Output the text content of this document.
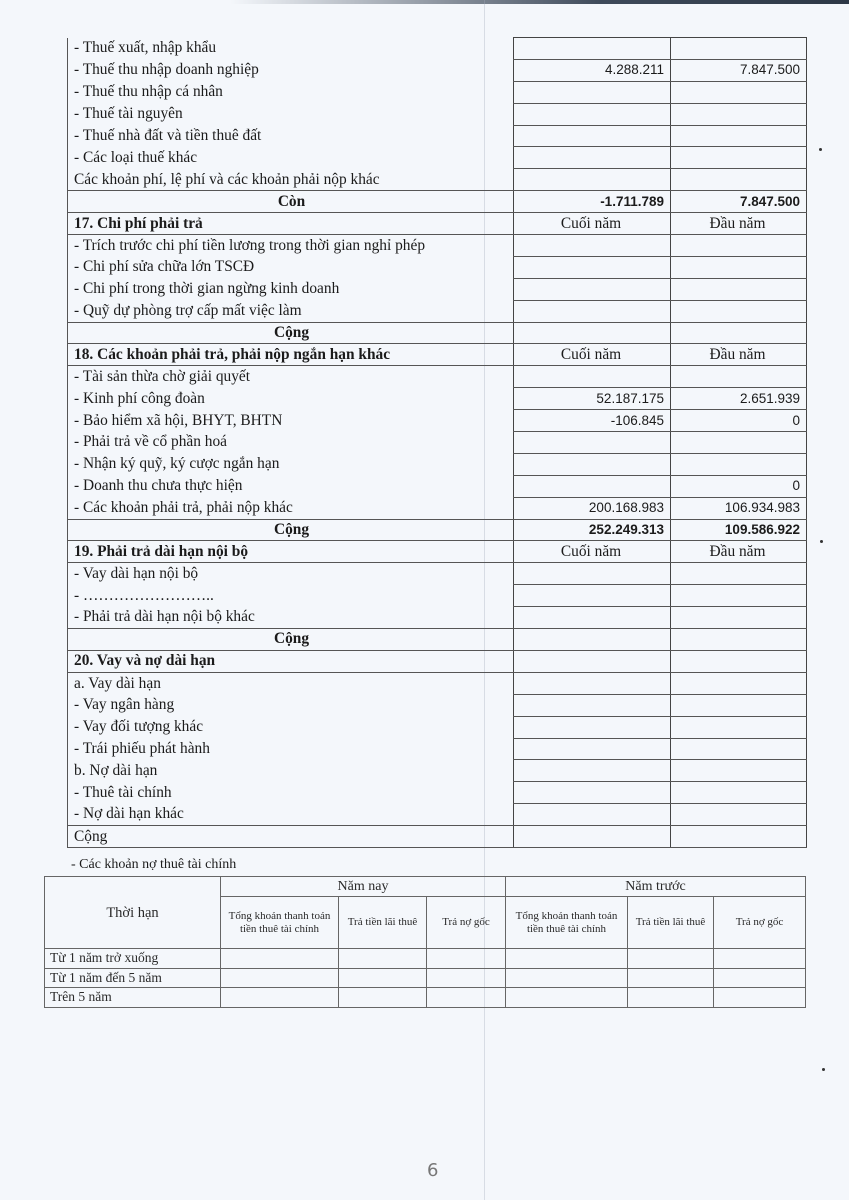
- Thuế xuất, nhập khẩu		
- Thuế thu nhập doanh nghiệp	4.288.211	7.847.500
- Thuế thu nhập cá nhân		
- Thuế tài nguyên		
- Thuế nhà đất và tiền thuê đất		
- Các loại thuế khác		
Các khoản phí, lệ phí và các khoản phải nộp khác		
Còn	-1.711.789	7.847.500
17. Chi phí phải trả	Cuối năm	Đầu năm
- Trích trước chi phí tiền lương trong thời gian nghỉ phép		
- Chi phí sửa chữa lớn TSCĐ		
- Chi phí trong thời gian ngừng kinh doanh		
- Quỹ dự phòng trợ cấp mất việc làm		
Cộng		
18. Các khoản phải trả, phải nộp ngắn hạn khác	Cuối năm	Đầu năm
- Tài sản thừa chờ giải quyết		
- Kinh phí công đoàn	52.187.175	2.651.939
- Bảo hiểm xã hội, BHYT, BHTN	-106.845	0
- Phải trả về cổ phần hoá		
- Nhận ký quỹ, ký cược ngắn hạn		
- Doanh thu chưa thực hiện		0
- Các khoản phải trả, phải nộp khác	200.168.983	106.934.983
Cộng	252.249.313	109.586.922
19. Phải trả dài hạn nội bộ	Cuối năm	Đầu năm
- Vay dài hạn nội bộ		
- ……………………..		
- Phải trả dài hạn nội bộ khác		
Cộng		
20. Vay và nợ dài hạn		
a. Vay dài hạn		
- Vay ngân hàng		
- Vay đối tượng khác		
- Trái phiếu phát hành		
b. Nợ dài hạn		
- Thuê tài chính		
- Nợ dài hạn khác		
Cộng		
- Các khoản nợ thuê tài chính
Thời hạn	Năm nay			Năm trước		
	Tổng khoản thanh toán tiền thuê tài chính	Trả tiền lãi thuê	Trả nợ gốc	Tổng khoản thanh toán tiền thuê tài chính	Trả tiền lãi thuê	Trả nợ gốc
Từ 1 năm trở xuống						
Từ 1 năm đến 5 năm						
Trên 5 năm						
6
